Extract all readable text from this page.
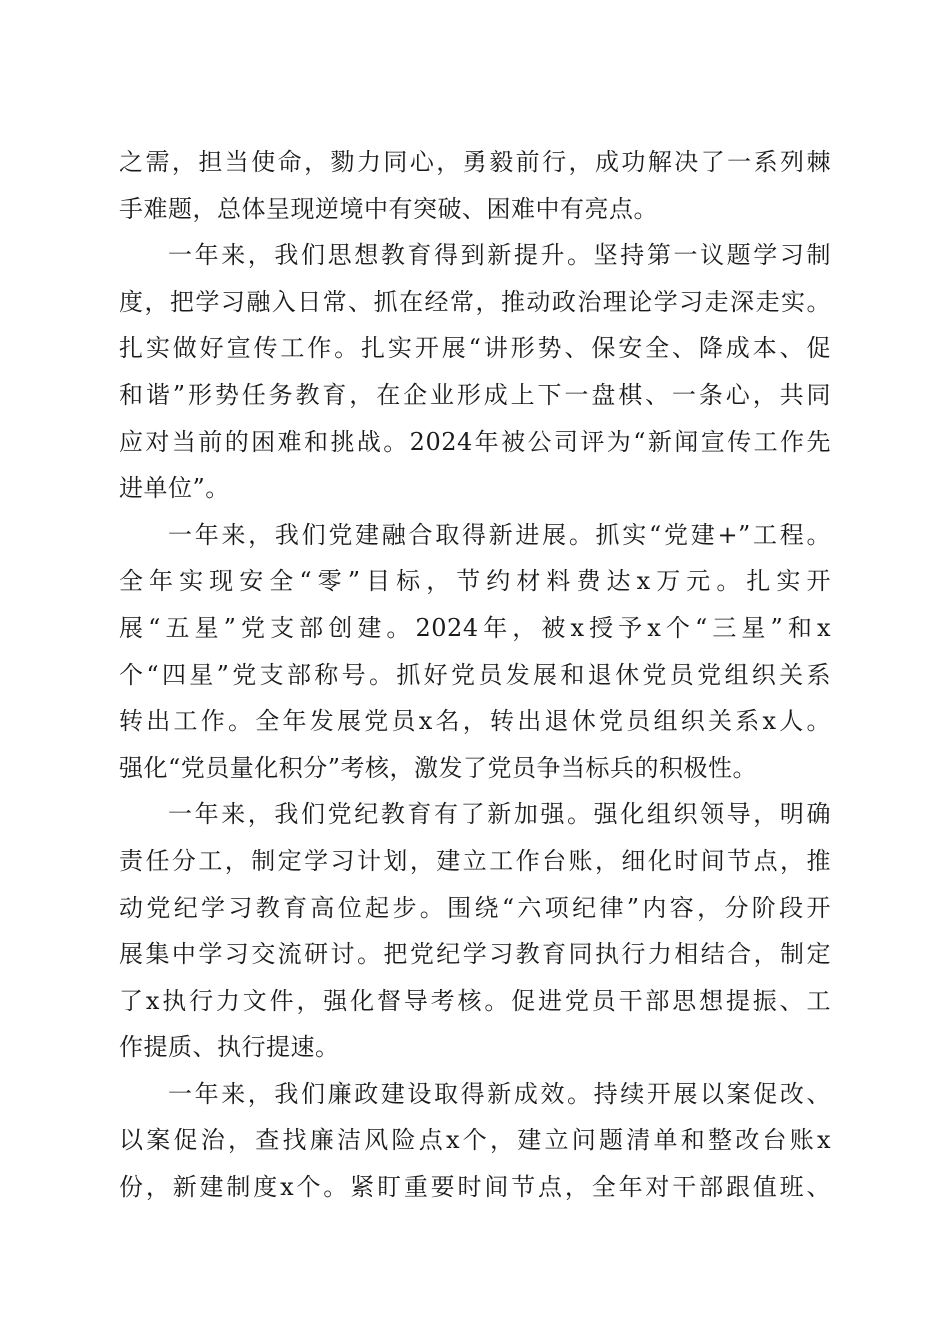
之需，担当使命，勠力同心，勇毅前行，成功解决了一系列棘
手难题，总体呈现逆境中有突破、困难中有亮点。
一年来，我们思想教育得到新提升。坚持第一议题学习制
度，把学习融入日常、抓在经常，推动政治理论学习走深走实。
扎实做好宣传工作。扎实开展“讲形势、保安全、降成本、促
和谐”形势任务教育，在企业形成上下一盘棋、一条心，共同
应对当前的困难和挑战。2024年被公司评为“新闻宣传工作先
进单位”。
一年来，我们党建融合取得新进展。抓实“党建+”工程。
全年实现安全“零”目标，节约材料费达x万元。扎实开
展“五星”党支部创建。2024年，被x授予x个“三星”和x
个“四星”党支部称号。抓好党员发展和退休党员党组织关系
转出工作。全年发展党员x名，转出退休党员组织关系x人。
强化“党员量化积分”考核，激发了党员争当标兵的积极性。
一年来，我们党纪教育有了新加强。强化组织领导，明确
责任分工，制定学习计划，建立工作台账，细化时间节点，推
动党纪学习教育高位起步。围绕“六项纪律”内容，分阶段开
展集中学习交流研讨。把党纪学习教育同执行力相结合，制定
了x执行力文件，强化督导考核。促进党员干部思想提振、工
作提质、执行提速。
一年来，我们廉政建设取得新成效。持续开展以案促改、
以案促治，查找廉洁风险点x个，建立问题清单和整改台账x
份，新建制度x个。紧盯重要时间节点，全年对干部跟值班、
